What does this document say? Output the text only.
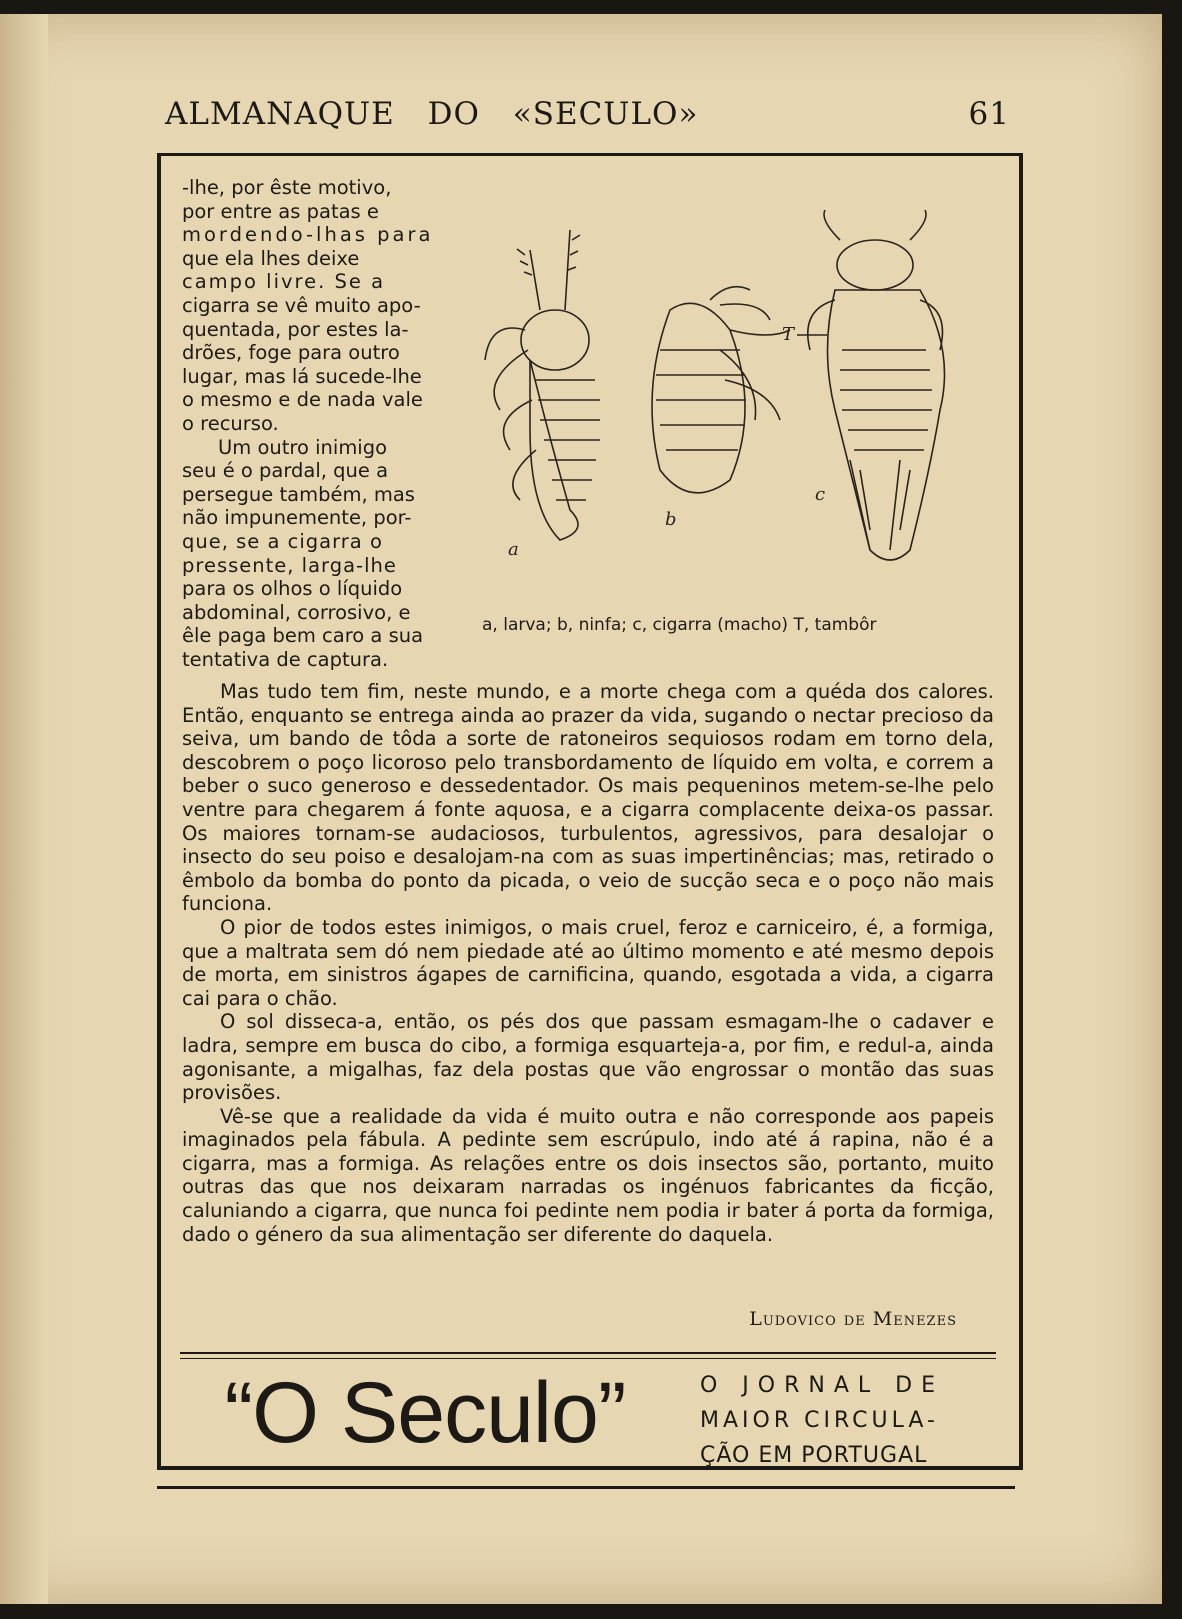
ALMANAQUE DO «SECULO»	61
-lhe, por êste motivo,
por entre as patas e
mordendo-lhas para
que ela lhes deixe
campo livre. Se a
cigarra se vê muito apo-
quentada, por estes la-
drões, foge para outro
lugar, mas lá sucede-lhe
o mesmo e de nada vale
o recurso.
Um outro inimigo
seu é o pardal, que a
persegue também, mas
não impunemente, por-
que, se a cigarra o
pressente, larga-lhe
para os olhos o líquido
abdominal, corrosivo, e
êle paga bem caro a sua
tentativa de captura.
a
b
c
T
a, larva; b, ninfa; c, cigarra (macho) T, tambôr
Mas tudo tem fim, neste mundo, e a morte chega com a quéda dos calores. Então, enquanto se entrega ainda ao prazer da vida, sugando o nectar precioso da seiva, um bando de tôda a sorte de ratoneiros sequiosos rodam em torno dela, descobrem o poço licoroso pelo transbordamento de líquido em volta, e correm a beber o suco generoso e dessedentador. Os mais pequeninos metem-se-lhe pelo ventre para chegarem á fonte aquosa, e a cigarra complacente deixa-os passar. Os maiores tornam-se audaciosos, turbulentos, agressivos, para desalojar o insecto do seu poiso e desalojam-na com as suas impertinências; mas, retirado o êmbolo da bomba do ponto da picada, o veio de sucção seca e o poço não mais funciona.
O pior de todos estes inimigos, o mais cruel, feroz e carniceiro, é, a formiga, que a maltrata sem dó nem piedade até ao último momento e até mesmo depois de morta, em sinistros ágapes de carnificina, quando, esgotada a vida, a cigarra cai para o chão.
O sol disseca-a, então, os pés dos que passam esmagam-lhe o cadaver e ladra, sempre em busca do cibo, a formiga esquarteja-a, por fim, e redul-a, ainda agonisante, a migalhas, faz dela postas que vão engrossar o montão das suas provisões.
Vê-se que a realidade da vida é muito outra e não corresponde aos papeis imaginados pela fábula. A pedinte sem escrúpulo, indo até á rapina, não é a cigarra, mas a formiga. As relações entre os dois insectos são, portanto, muito outras das que nos deixaram narradas os ingénuos fabricantes da ficção, caluniando a cigarra, que nunca foi pedinte nem podia ir bater á porta da formiga, dado o género da sua alimentação ser diferente do daquela.
Ludovico de Menezes
“O Seculo”	O JORNAL DE
MAIOR CIRCULA-
ÇÃO EM PORTUGAL
